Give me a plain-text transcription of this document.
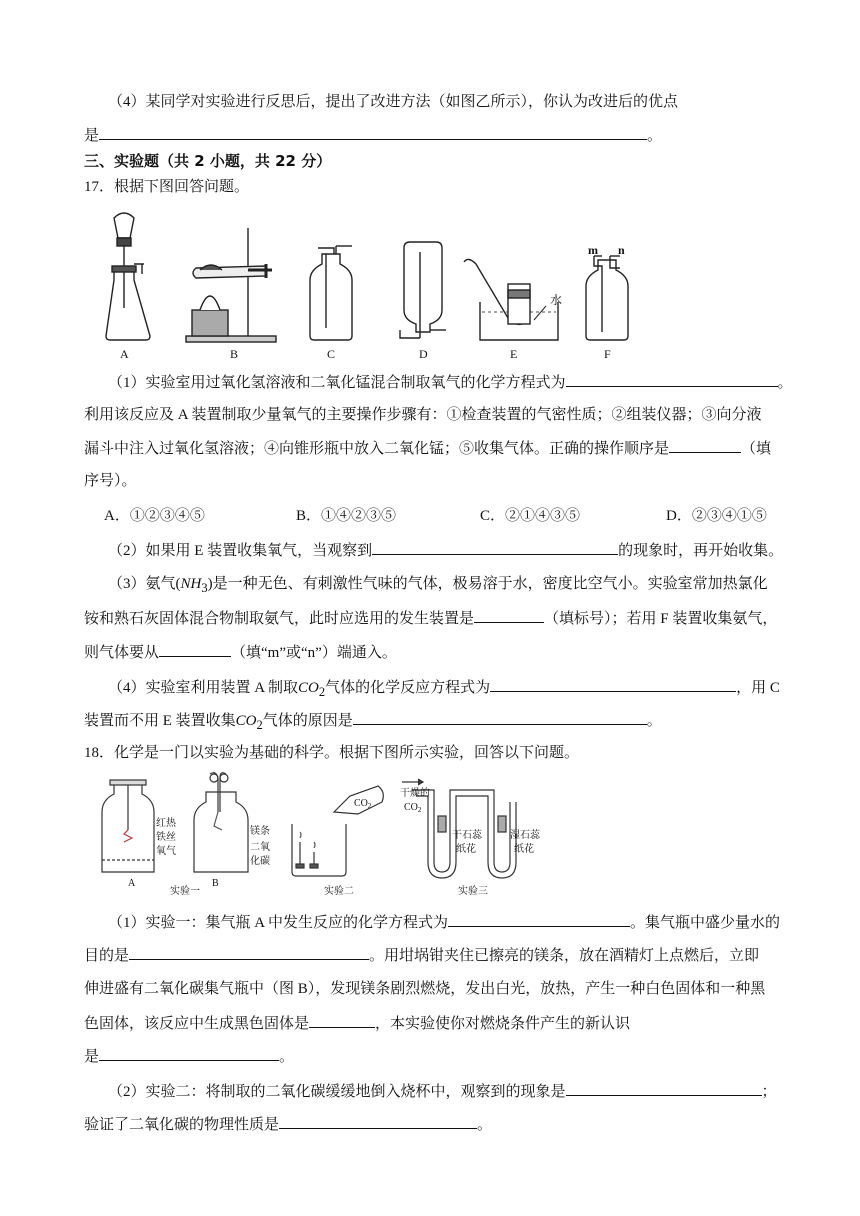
（4）某同学对实验进行反思后，提出了改进方法（如图乙所示），你认为改进后的优点
是	。
三、实验题（共 2 小题，共 22 分）
17．根据下图回答问题。
A	B	C	D	E	F
水
m n
（1）实验室用过氧化氢溶液和二氧化锰混合制取氧气的化学方程式为	。
利用该反应及 A 装置制取少量氧气的主要操作步骤有：①检查装置的气密性质；②组装仪器；③向分液
漏斗中注入过氧化氢溶液；④向锥形瓶中放入二氧化锰；⑤收集气体。正确的操作顺序是	（填
序号）。
A．①②③④⑤	B．①④②③⑤	C．②①④③⑤	D．②③④①⑤
（2）如果用 E 装置收集氧气，当观察到	的现象时，再开始收集。
（3）氨气$(NH_3)$是一种无色、有刺激性气味的气体，极易溶于水，密度比空气小。实验室常加热氯化
铵和熟石灰固体混合物制取氨气，此时应选用的发生装置是	（填标号）；若用 F 装置收集氨气，
则气体要从	（填“m”或“n”）端通入。
（4）实验室利用装置 A 制取$CO_2$气体的化学反应方程式为	，用 C
装置而不用 E 装置收集$CO_2$气体的原因是	。
18．化学是一门以实验为基础的科学。根据下图所示实验，回答以下问题。
红热
铁丝
氧气
A
镁条
二氧
化碳
B
实验一
$CO_2$
实验二
干燥的
$CO_2$
干石蕊
纸花
湿石蕊
纸花
实验三
（1）实验一：集气瓶 A 中发生反应的化学方程式为	。集气瓶中盛少量水的
目的是	。用坩埚钳夹住已擦亮的镁条，放在酒精灯上点燃后，立即
伸进盛有二氧化碳集气瓶中（图 B），发现镁条剧烈燃烧，发出白光，放热，产生一种白色固体和一种黑
色固体，该反应中生成黑色固体是	，本实验使你对燃烧条件产生的新认识
是	。
（2）实验二：将制取的二氧化碳缓缓地倒入烧杯中，观察到的现象是	；
验证了二氧化碳的物理性质是	。
